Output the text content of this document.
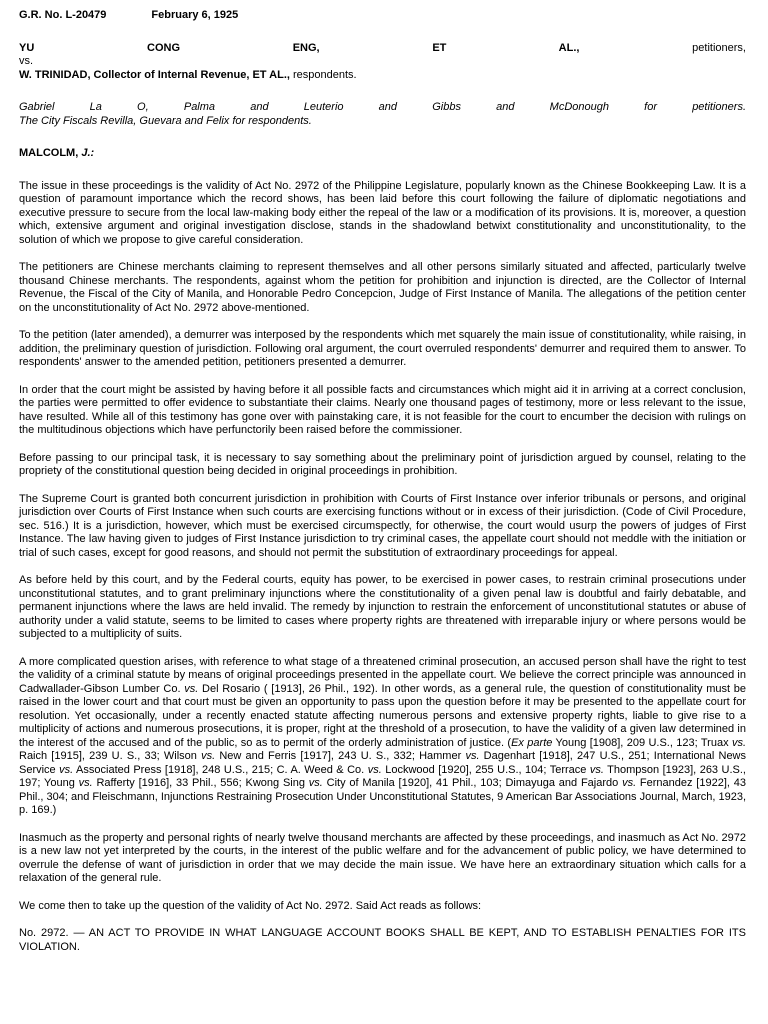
G.R. No. L-20479	February 6, 1925

YU CONG ENG, ET AL., petitioners,

vs.

W. TRINIDAD, Collector of Internal Revenue, ET AL., respondents.

Gabriel La O, Palma and Leuterio and Gibbs and McDonough for petitioners.

The City Fiscals Revilla, Guevara and Felix for respondents.

MALCOLM, J.:

The issue in these proceedings is the validity of Act No. 2972 of the Philippine Legislature, popularly known as the Chinese Bookkeeping Law. It is a question of paramount importance which the record shows, has been laid before this court following the failure of diplomatic negotiations and executive pressure to secure from the local law-making body either the repeal of the law or a modification of its provisions. It is, moreover, a question which, extensive argument and original investigation disclose, stands in the shadowland betwixt constitutionality and unconstitutionality, to the solution of which we propose to give careful consideration.

The petitioners are Chinese merchants claiming to represent themselves and all other persons similarly situated and affected, particularly twelve thousand Chinese merchants. The respondents, against whom the petition for prohibition and injunction is directed, are the Collector of Internal Revenue, the Fiscal of the City of Manila, and Honorable Pedro Concepcion, Judge of First Instance of Manila. The allegations of the petition center on the unconstitutionality of Act No. 2972 above-mentioned.

To the petition (later amended), a demurrer was interposed by the respondents which met squarely the main issue of constitutionality, while raising, in addition, the preliminary question of jurisdiction. Following oral argument, the court overruled respondents' demurrer and required them to answer. To respondents' answer to the amended petition, petitioners presented a demurrer.

In order that the court might be assisted by having before it all possible facts and circumstances which might aid it in arriving at a correct conclusion, the parties were permitted to offer evidence to substantiate their claims. Nearly one thousand pages of testimony, more or less relevant to the issue, have resulted. While all of this testimony has gone over with painstaking care, it is not feasible for the court to encumber the decision with rulings on the multitudinous objections which have perfunctorily been raised before the commissioner.

Before passing to our principal task, it is necessary to say something about the preliminary point of jurisdiction argued by counsel, relating to the propriety of the constitutional question being decided in original proceedings in prohibition.

The Supreme Court is granted both concurrent jurisdiction in prohibition with Courts of First Instance over inferior tribunals or persons, and original jurisdiction over Courts of First Instance when such courts are exercising functions without or in excess of their jurisdiction. (Code of Civil Procedure, sec. 516.) It is a jurisdiction, however, which must be exercised circumspectly, for otherwise, the court would usurp the powers of judges of First Instance. The law having given to judges of First Instance jurisdiction to try criminal cases, the appellate court should not meddle with the initiation or trial of such cases, except for good reasons, and should not permit the substitution of extraordinary proceedings for appeal.

As before held by this court, and by the Federal courts, equity has power, to be exercised in power cases, to restrain criminal prosecutions under unconstitutional statutes, and to grant preliminary injunctions where the constitutionality of a given penal law is doubtful and fairly debatable, and permanent injunctions where the laws are held invalid. The remedy by injunction to restrain the enforcement of unconstitutional statutes or abuse of authority under a valid statute, seems to be limited to cases where property rights are threatened with irreparable injury or where persons would be subjected to a multiplicity of suits.

A more complicated question arises, with reference to what stage of a threatened criminal prosecution, an accused person shall have the right to test the validity of a criminal statute by means of original proceedings presented in the appellate court. We believe the correct principle was announced in Cadwallader-Gibson Lumber Co. vs. Del Rosario ( [1913], 26 Phil., 192). In other words, as a general rule, the question of constitutionality must be raised in the lower court and that court must be given an opportunity to pass upon the question before it may be presented to the appellate court for resolution. Yet occasionally, under a recently enacted statute affecting numerous persons and extensive property rights, liable to give rise to a multiplicity of actions and numerous prosecutions, it is proper, right at the threshold of a prosecution, to have the validity of a given law determined in the interest of the accused and of the public, so as to permit of the orderly administration of justice. (Ex parte Young [1908], 209 U.S., 123; Truax vs. Raich [1915], 239 U. S., 33; Wilson vs. New and Ferris [1917], 243 U. S., 332; Hammer vs. Dagenhart [1918], 247 U.S., 251; International News Service vs. Associated Press [1918], 248 U.S., 215; C. A. Weed & Co. vs. Lockwood [1920], 255 U.S., 104; Terrace vs. Thompson [1923], 263 U.S., 197; Young vs. Rafferty [1916], 33 Phil., 556; Kwong Sing vs. City of Manila [1920], 41 Phil., 103; Dimayuga and Fajardo vs. Fernandez [1922], 43 Phil., 304; and Fleischmann, Injunctions Restraining Prosecution Under Unconstitutional Statutes, 9 American Bar Associations Journal, March, 1923, p. 169.)

Inasmuch as the property and personal rights of nearly twelve thousand merchants are affected by these proceedings, and inasmuch as Act No. 2972 is a new law not yet interpreted by the courts, in the interest of the public welfare and for the advancement of public policy, we have determined to overrule the defense of want of jurisdiction in order that we may decide the main issue. We have here an extraordinary situation which calls for a relaxation of the general rule.

We come then to take up the question of the validity of Act No. 2972. Said Act reads as follows:

No. 2972. — AN ACT TO PROVIDE IN WHAT LANGUAGE ACCOUNT BOOKS SHALL BE KEPT, AND TO ESTABLISH PENALTIES FOR ITS VIOLATION.
